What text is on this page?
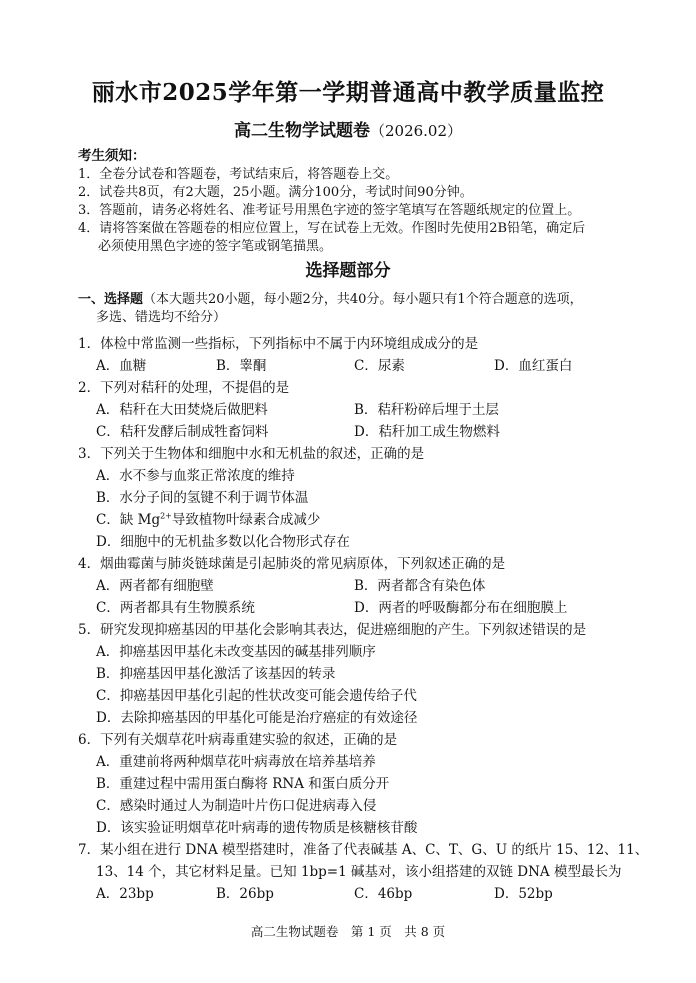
丽水市2025学年第一学期普通高中教学质量监控
高二生物学试题卷（2026.02）
考生须知：
1．全卷分试卷和答题卷，考试结束后，将答题卷上交。
2．试卷共8页，有2大题，25小题。满分100分，考试时间90分钟。
3．答题前，请务必将姓名、准考证号用黑色字迹的签字笔填写在答题纸规定的位置上。
4．请将答案做在答题卷的相应位置上，写在试卷上无效。作图时先使用2B铅笔，确定后
必须使用黑色字迹的签字笔或钢笔描黑。
选择题部分
一、选择题（本大题共20小题，每小题2分，共40分。每小题只有1个符合题意的选项，
多选、错选均不给分）
1．体检中常监测一些指标，下列指标中不属于内环境组成成分的是
A．血糖	B．睾酮	C．尿素	D．血红蛋白
2．下列对秸秆的处理，不提倡的是
A．秸秆在大田焚烧后做肥料	B．秸秆粉碎后埋于土层
C．秸秆发酵后制成牲畜饲料	D．秸秆加工成生物燃料
3．下列关于生物体和细胞中水和无机盐的叙述，正确的是
A．水不参与血浆正常浓度的维持
B．水分子间的氢键不利于调节体温
C．缺 $Mg^{2+}$导致植物叶绿素合成减少
D．细胞中的无机盐多数以化合物形式存在
4．烟曲霉菌与肺炎链球菌是引起肺炎的常见病原体，下列叙述正确的是
A．两者都有细胞壁	B．两者都含有染色体
C．两者都具有生物膜系统	D．两者的呼吸酶都分布在细胞膜上
5．研究发现抑癌基因的甲基化会影响其表达，促进癌细胞的产生。下列叙述错误的是
A．抑癌基因甲基化未改变基因的碱基排列顺序
B．抑癌基因甲基化激活了该基因的转录
C．抑癌基因甲基化引起的性状改变可能会遗传给子代
D．去除抑癌基因的甲基化可能是治疗癌症的有效途径
6．下列有关烟草花叶病毒重建实验的叙述，正确的是
A．重建前将两种烟草花叶病毒放在培养基培养
B．重建过程中需用蛋白酶将 RNA 和蛋白质分开
C．感染时通过人为制造叶片伤口促进病毒入侵
D．该实验证明烟草花叶病毒的遗传物质是核糖核苷酸
7．某小组在进行 DNA 模型搭建时，准备了代表碱基 A、C、T、G、U 的纸片 15、12、11、
13、14 个，其它材料足量。已知 1bp=1 碱基对，该小组搭建的双链 DNA 模型最长为
A．23bp	B．26bp	C．46bp	D．52bp
高二生物试题卷　第 1 页　共 8 页
